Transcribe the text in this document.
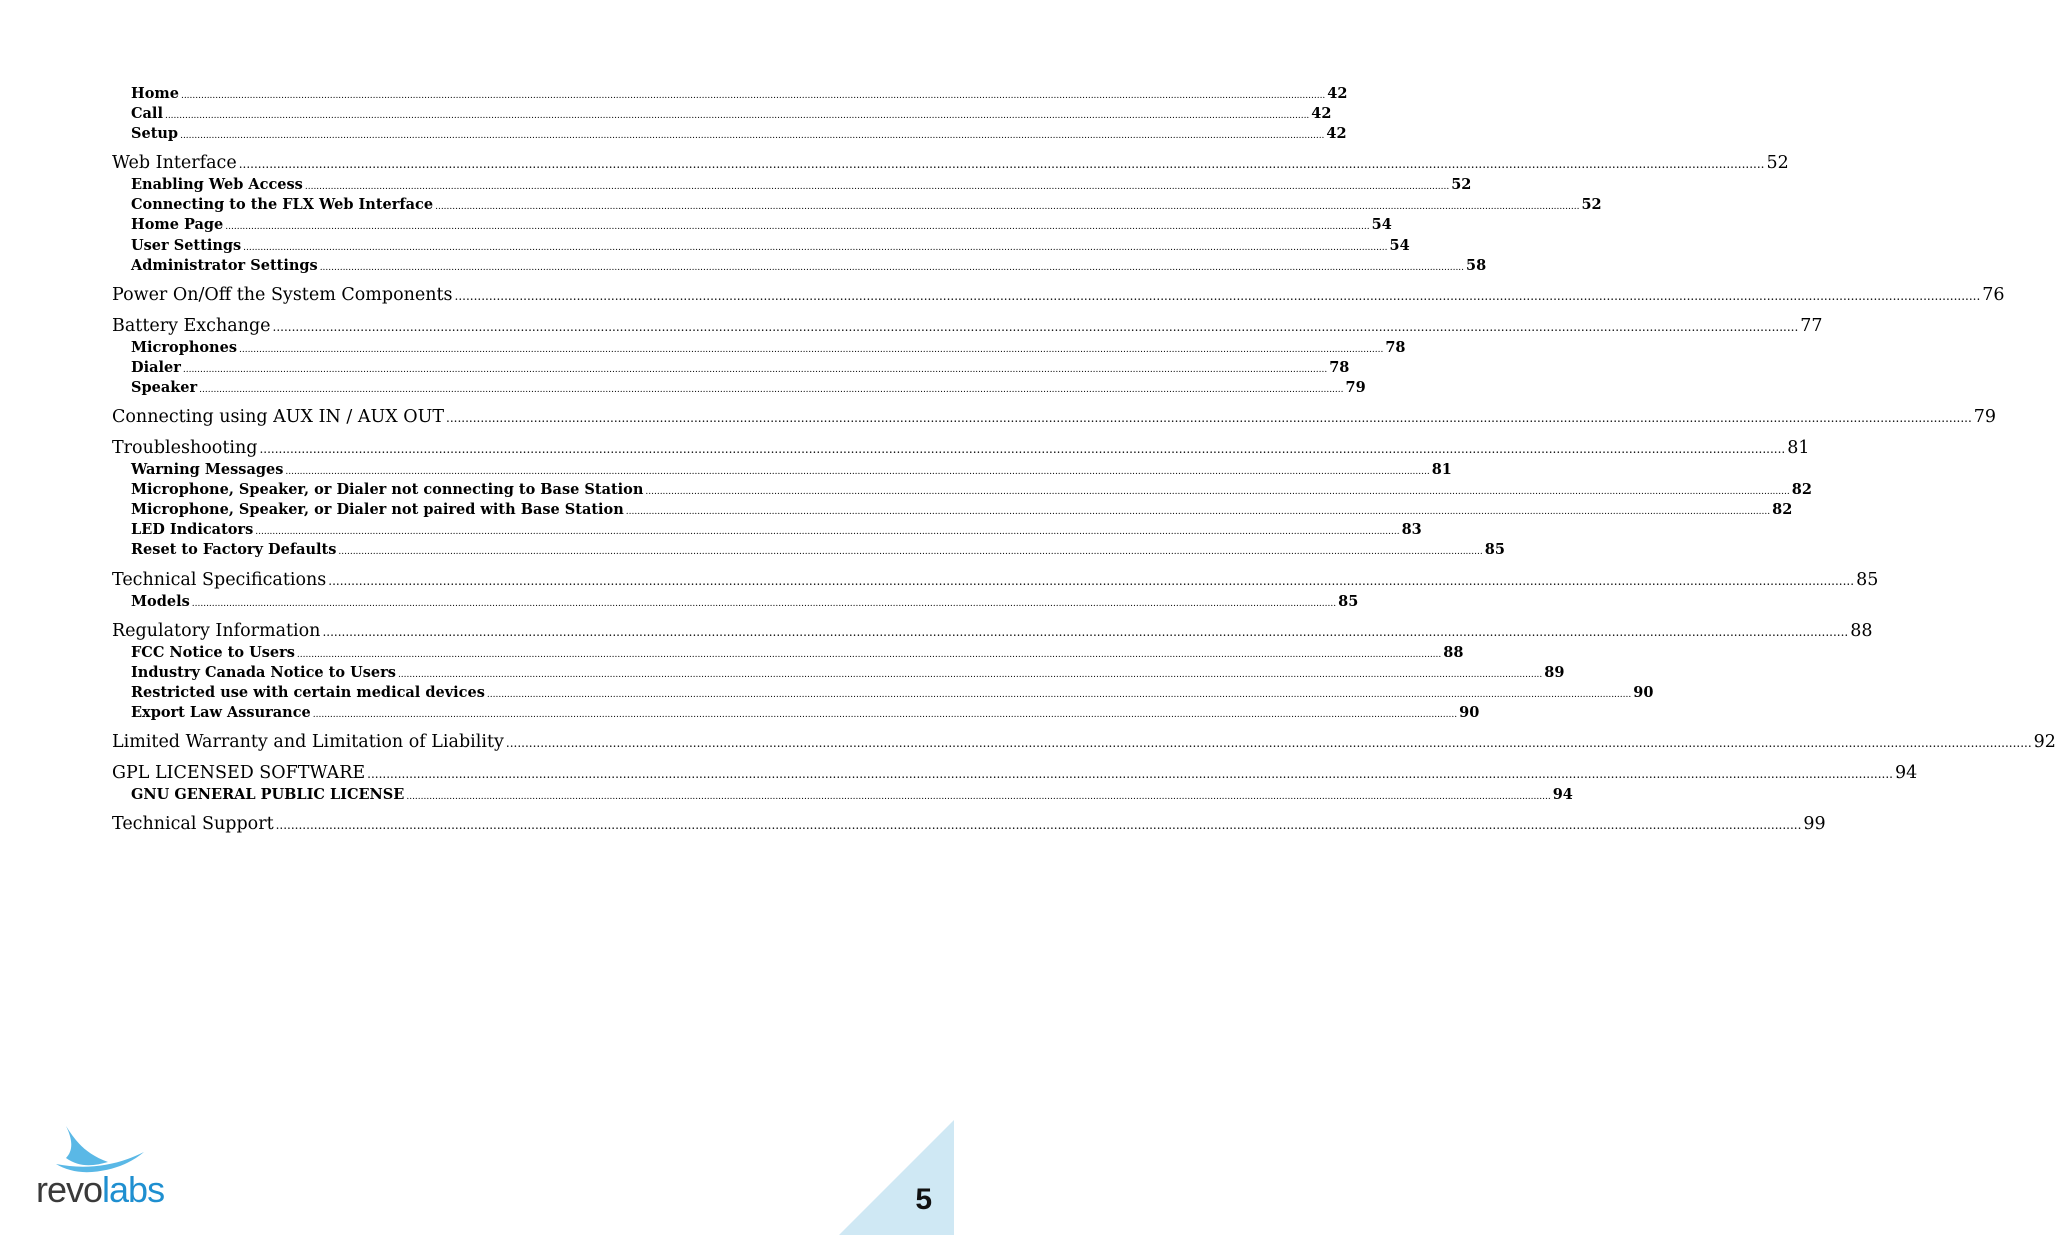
Home ................................................................................................................................................................................................................................................................................................................................................................................................................ 42
Call ................................................................................................................................................................................................................................................................................................................................................................................................................ 42
Setup ................................................................................................................................................................................................................................................................................................................................................................................................................ 42
Web Interface ................................................................................................................................................................................................................................................................................................................................................................................................................ 52
Enabling Web Access ................................................................................................................................................................................................................................................................................................................................................................................................................ 52
Connecting to the FLX Web Interface ................................................................................................................................................................................................................................................................................................................................................................................................................ 52
Home Page ................................................................................................................................................................................................................................................................................................................................................................................................................ 54
User Settings ................................................................................................................................................................................................................................................................................................................................................................................................................ 54
Administrator Settings ................................................................................................................................................................................................................................................................................................................................................................................................................ 58
Power On/Off the System Components ................................................................................................................................................................................................................................................................................................................................................................................................................ 76
Battery Exchange ................................................................................................................................................................................................................................................................................................................................................................................................................ 77
Microphones ................................................................................................................................................................................................................................................................................................................................................................................................................ 78
Dialer ................................................................................................................................................................................................................................................................................................................................................................................................................ 78
Speaker ................................................................................................................................................................................................................................................................................................................................................................................................................ 79
Connecting using AUX IN / AUX OUT ................................................................................................................................................................................................................................................................................................................................................................................................................ 79
Troubleshooting ................................................................................................................................................................................................................................................................................................................................................................................................................ 81
Warning Messages ................................................................................................................................................................................................................................................................................................................................................................................................................ 81
Microphone, Speaker, or Dialer not connecting to Base Station ................................................................................................................................................................................................................................................................................................................................................................................................................ 82
Microphone, Speaker, or Dialer not paired with Base Station ................................................................................................................................................................................................................................................................................................................................................................................................................ 82
LED Indicators ................................................................................................................................................................................................................................................................................................................................................................................................................ 83
Reset to Factory Defaults ................................................................................................................................................................................................................................................................................................................................................................................................................ 85
Technical Specifications ................................................................................................................................................................................................................................................................................................................................................................................................................ 85
Models ................................................................................................................................................................................................................................................................................................................................................................................................................ 85
Regulatory Information ................................................................................................................................................................................................................................................................................................................................................................................................................ 88
FCC Notice to Users ................................................................................................................................................................................................................................................................................................................................................................................................................ 88
Industry Canada Notice to Users ................................................................................................................................................................................................................................................................................................................................................................................................................ 89
Restricted use with certain medical devices ................................................................................................................................................................................................................................................................................................................................................................................................................ 90
Export Law Assurance ................................................................................................................................................................................................................................................................................................................................................................................................................ 90
Limited Warranty and Limitation of Liability ................................................................................................................................................................................................................................................................................................................................................................................................................ 92
GPL LICENSED SOFTWARE ................................................................................................................................................................................................................................................................................................................................................................................................................ 94
GNU GENERAL PUBLIC LICENSE ................................................................................................................................................................................................................................................................................................................................................................................................................ 94
Technical Support ................................................................................................................................................................................................................................................................................................................................................................................................................ 99
revolabs	5
